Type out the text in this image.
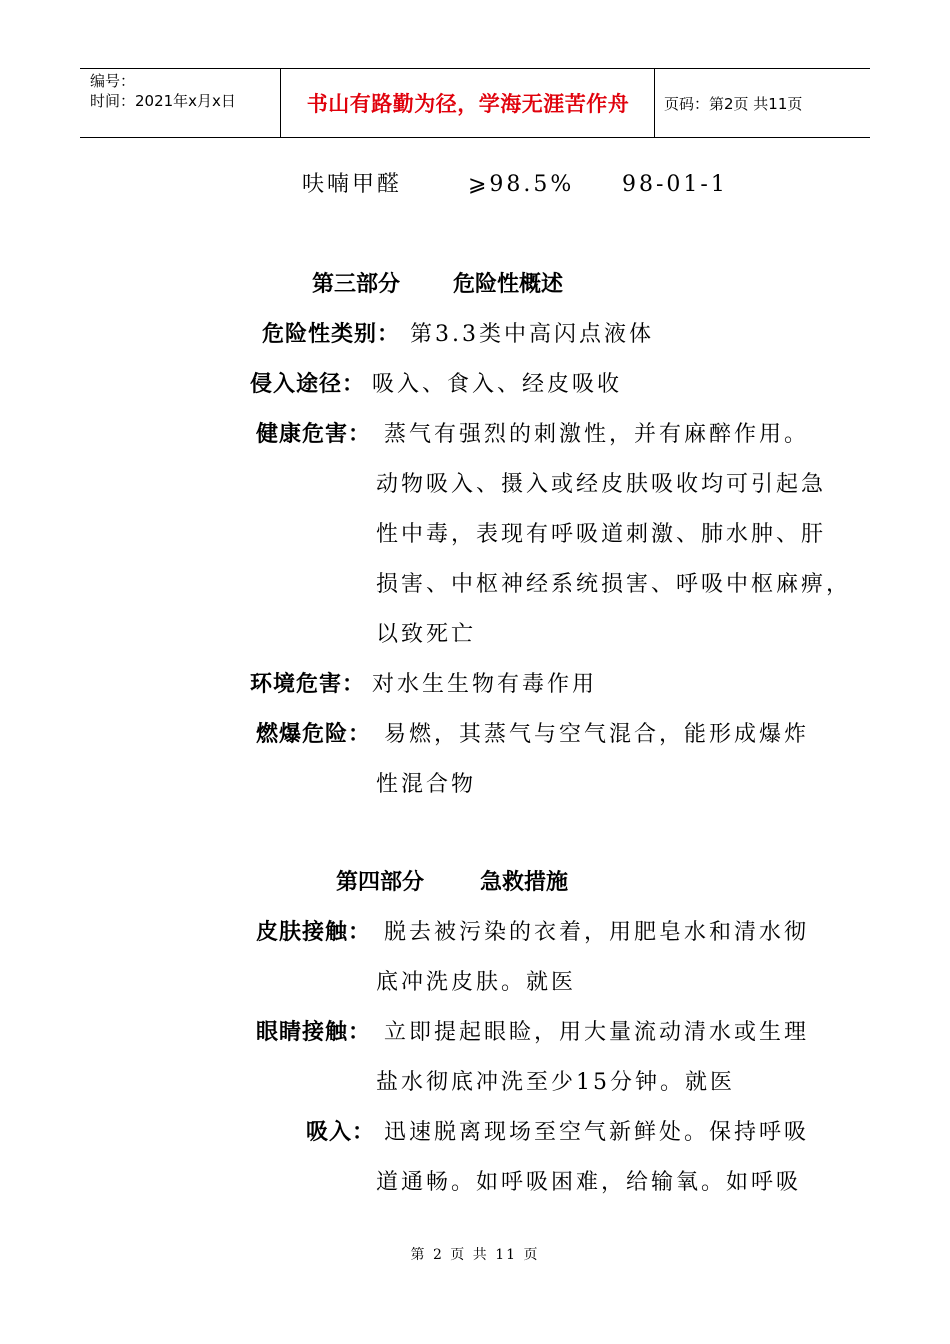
编号：
时间：2021年x月x日	书山有路勤为径，学海无涯苦作舟	页码：第2页 共11页
呋喃甲醛	⩾98.5% 98-01-1
第三部分 危险性概述
危险性类别： 第3.3类中高闪点液体
侵入途径： 吸入、食入、经皮吸收
健康危害： 蒸气有强烈的刺激性，并有麻醉作用。
动物吸入、摄入或经皮肤吸收均可引起急
性中毒，表现有呼吸道刺激、肺水肿、肝
损害、中枢神经系统损害、呼吸中枢麻痹，
以致死亡
环境危害： 对水生生物有毒作用
燃爆危险： 易燃，其蒸气与空气混合，能形成爆炸
性混合物
第四部分	急救措施
皮肤接触： 脱去被污染的衣着，用肥皂水和清水彻
底冲洗皮肤。就医
眼睛接触： 立即提起眼睑，用大量流动清水或生理
盐水彻底冲洗至少15分钟。就医
吸入： 迅速脱离现场至空气新鲜处。保持呼吸
道通畅。如呼吸困难，给输氧。如呼吸
第 2 页 共 11 页
